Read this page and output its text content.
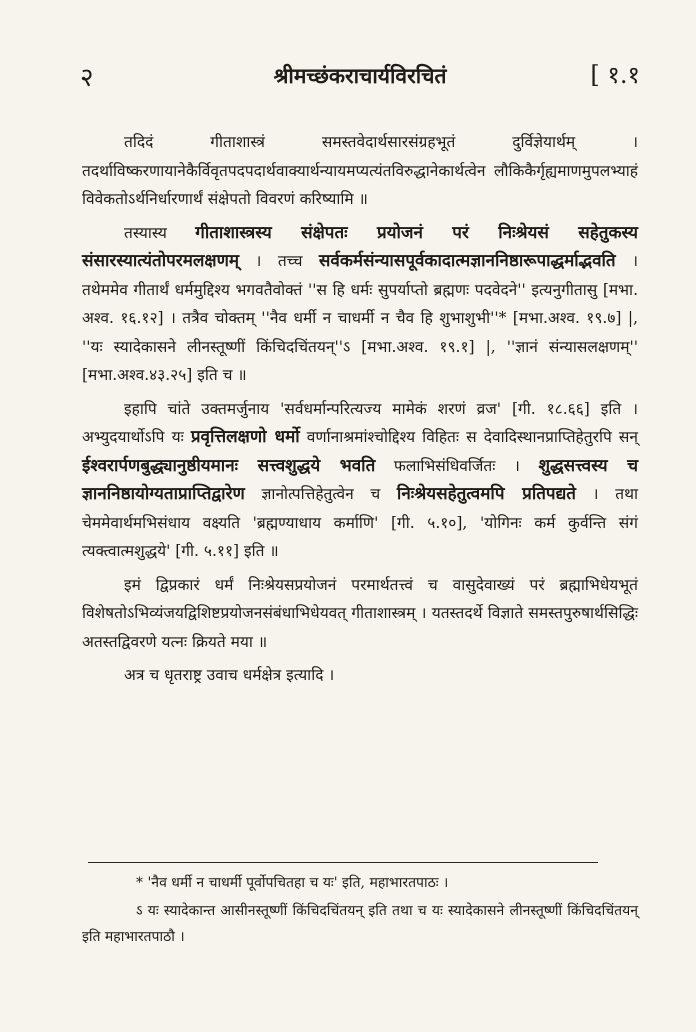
२	श्रीमच्छंकराचार्यविरचितं	[ १.१

तदिदं गीताशास्त्रं समस्तवेदार्थसारसंग्रहभूतं दुर्विज्ञेयार्थम् । तदर्थाविष्करणायानेकैर्विवृतपदपदार्थवाक्यार्थन्यायमप्यत्यंतविरुद्धानेकार्थत्वेन लौकिकैर्गृह्यमाणमुपलभ्याहं विवेकतोऽर्थनिर्धारणार्थं संक्षेपतो विवरणं करिष्यामि ॥

तस्यास्य गीताशास्त्रस्य संक्षेपतः प्रयोजनं परं निःश्रेयसं सहेतुकस्य संसारस्यात्यंतोपरमलक्षणम् । तच्च सर्वकर्मसंन्यासपूर्वकादात्मज्ञाननिष्ठारूपाद्धर्माद्भवति । तथेममेव गीतार्थं धर्ममुद्दिश्य भगवतैवोक्तं ''स हि धर्मः सुपर्याप्तो ब्रह्मणः पदवेदने'' इत्यनुगीतासु [मभा. अश्व. १६.१२] । तत्रैव चोक्तम् ''नैव धर्मी न चाधर्मी न चैव हि शुभाशुभी''* [मभा.अश्व. १९.७] |, ''यः स्यादेकासने लीनस्तूष्णीं किंचिदचिंतयन्''ऽ [मभा.अश्व. १९.१] |, ''ज्ञानं संन्यासलक्षणम्'' [मभा.अश्व.४३.२५] इति च ॥

इहापि चांते उक्तमर्जुनाय 'सर्वधर्मान्परित्यज्य मामेकं शरणं व्रज' [गी. १८.६६] इति । अभ्युदयार्थोऽपि यः प्रवृत्तिलक्षणो धर्मो वर्णानाश्रमांश्चोद्दिश्य विहितः स देवादिस्थानप्राप्तिहेतुरपि सन् ईश्वरार्पणबुद्ध्यानुष्ठीयमानः सत्त्वशुद्धये भवति फलाभिसंधिवर्जितः । शुद्धसत्त्वस्य च ज्ञाननिष्ठायोग्यताप्राप्तिद्वारेण ज्ञानोत्पत्तिहेतुत्वेन च निःश्रेयसहेतुत्वमपि प्रतिपद्यते । तथा चेममेवार्थमभिसंधाय वक्ष्यति 'ब्रह्मण्याधाय कर्माणि' [गी. ५.१०], 'योगिनः कर्म कुर्वन्ति संगं त्यक्त्वात्मशुद्धये' [गी. ५.११] इति ॥

इमं द्विप्रकारं धर्मं निःश्रेयसप्रयोजनं परमार्थतत्त्वं च वासुदेवाख्यं परं ब्रह्माभिधेयभूतं विशेषतोऽभिव्यंजयद्विशिष्टप्रयोजनसंबंधाभिधेयवत् गीताशास्त्रम् । यतस्तदर्थे विज्ञाते समस्तपुरुषार्थसिद्धिः अतस्तद्विवरणे यत्नः क्रियते मया ॥

अत्र च धृतराष्ट्र उवाच धर्मक्षेत्र इत्यादि ।

* 'नैव धर्मी न चाधर्मी पूर्वोपचितहा च यः' इति, महाभारतपाठः ।

ऽ यः स्यादेकान्त आसीनस्तूष्णीं किंचिदचिंतयन् इति तथा च यः स्यादेकासने लीनस्तूष्णीं किंचिदचिंतयन् इति महाभारतपाठौ ।
